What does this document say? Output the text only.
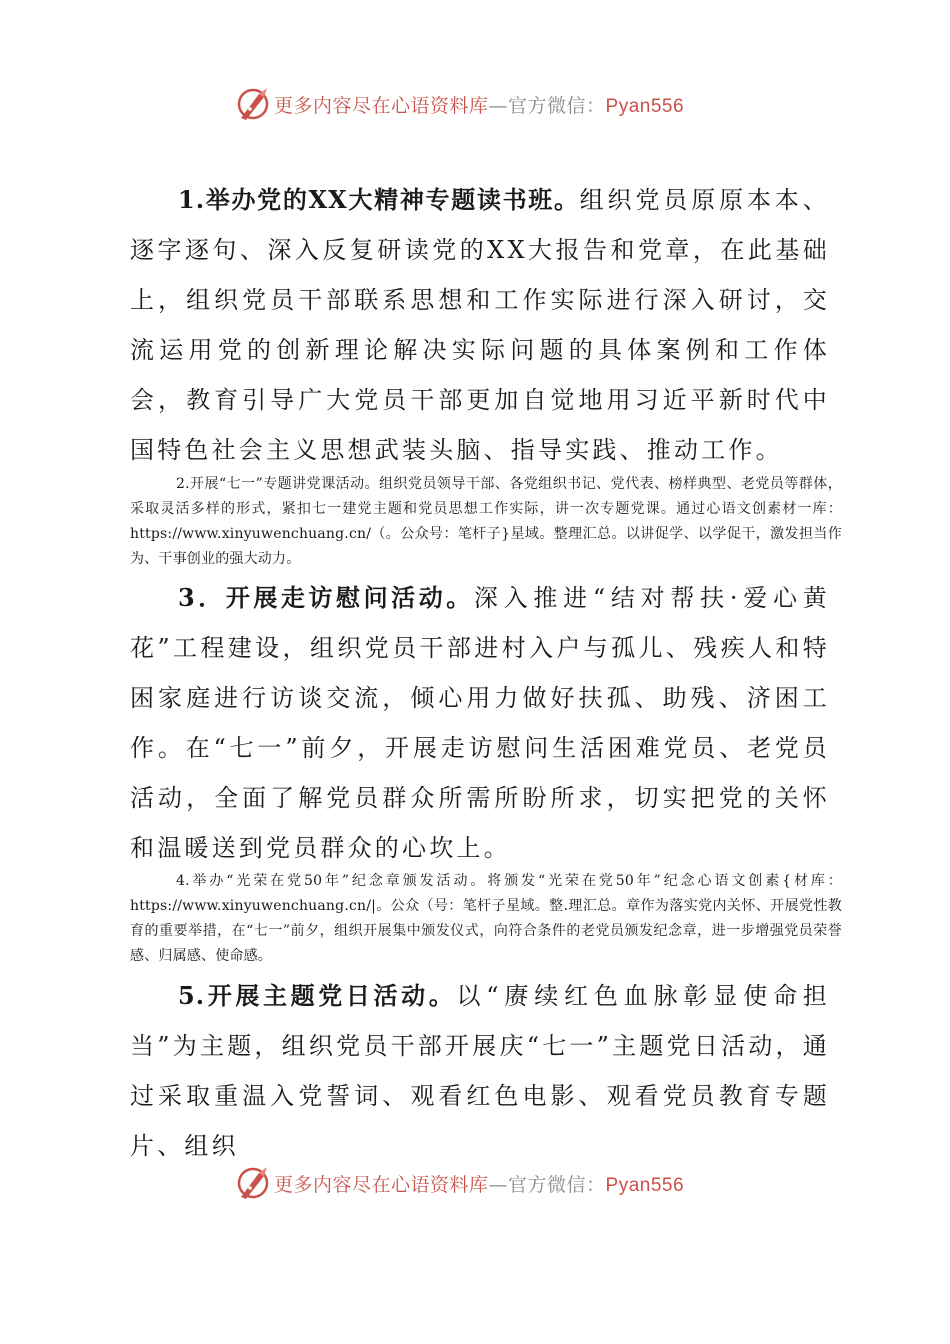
更多内容尽在心语资料库—官方微信：Pyan556
1.举办党的XX大精神专题读书班。组织党员原原本本、逐字逐句、深入反复研读党的XX大报告和党章，在此基础上，组织党员干部联系思想和工作实际进行深入研讨，交流运用党的创新理论解决实际问题的具体案例和工作体会，教育引导广大党员干部更加自觉地用习近平新时代中国特色社会主义思想武装头脑、指导实践、推动工作。
2.开展“七一”专题讲党课活动。组织党员领导干部、各党组织书记、党代表、榜样典型、老党员等群体，采取灵活多样的形式，紧扣七一建党主题和党员思想工作实际，讲一次专题党课。通过心语文创素材一库：https://www.xinyuwenchuang.cn/（。公众号：笔杆子}星域。整理汇总。以讲促学、以学促干，激发担当作为、干事创业的强大动力。
3．开展走访慰问活动。深入推进“结对帮扶·爱心黄花”工程建设，组织党员干部进村入户与孤儿、残疾人和特困家庭进行访谈交流，倾心用力做好扶孤、助残、济困工作。在“七一”前夕，开展走访慰问生活困难党员、老党员活动，全面了解党员群众所需所盼所求，切实把党的关怀和温暖送到党员群众的心坎上。
4.举办“光荣在党50年”纪念章颁发活动。将颁发“光荣在党50年”纪念心语文创素{材库：https://www.xinyuwenchuang.cn/|。公众（号：笔杆子星域。整.理汇总。章作为落实党内关怀、开展党性教育的重要举措，在“七一”前夕，组织开展集中颁发仪式，向符合条件的老党员颁发纪念章，进一步增强党员荣誉感、归属感、使命感。
5.开展主题党日活动。以“赓续红色血脉彰显使命担当”为主题，组织党员干部开展庆“七一”主题党日活动，通过采取重温入党誓词、观看红色电影、观看党员教育专题片、组织
更多内容尽在心语资料库—官方微信：Pyan556
